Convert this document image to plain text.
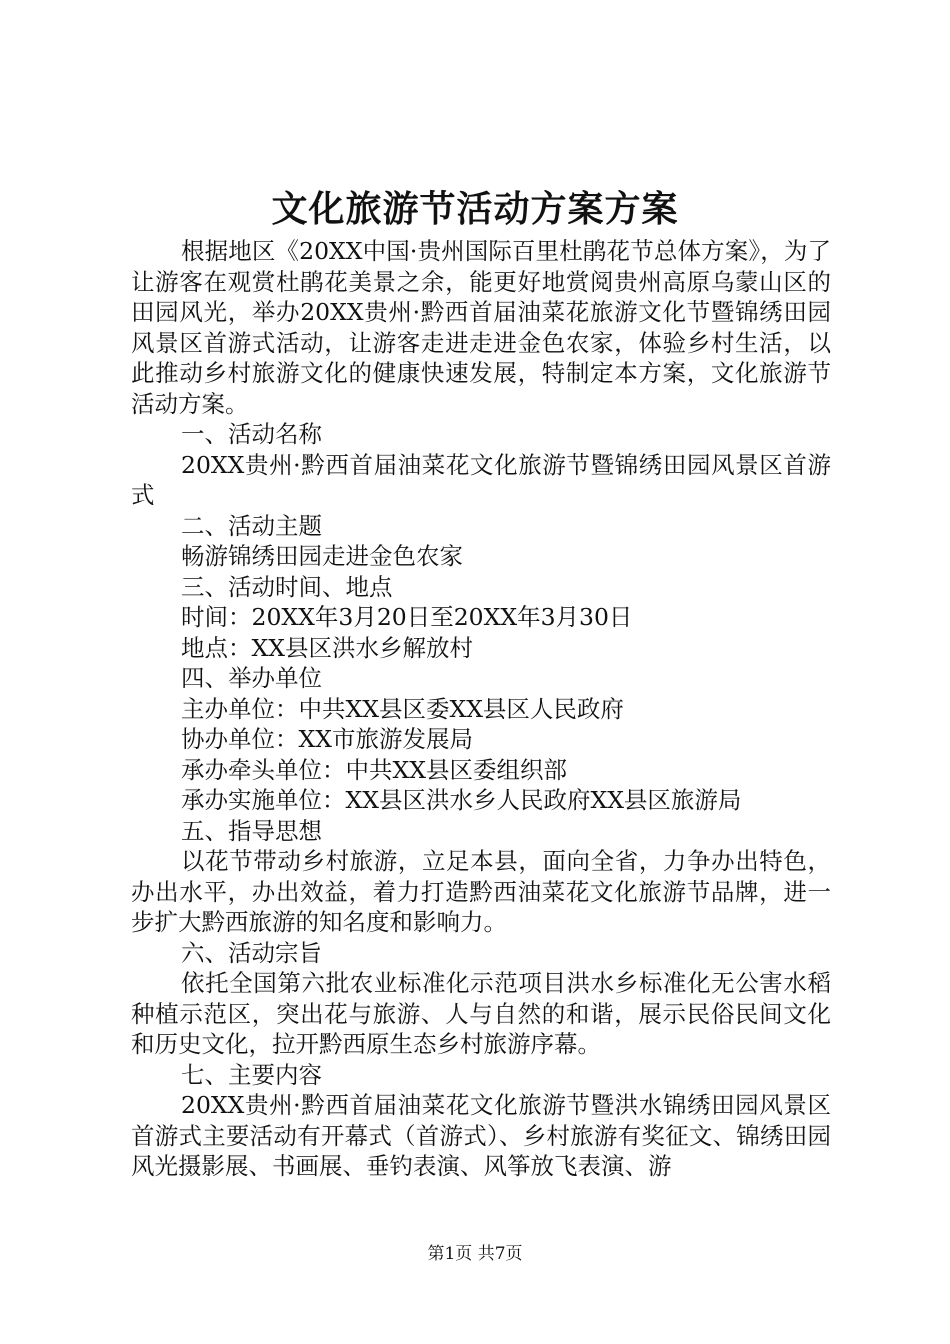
文化旅游节活动方案方案

根据地区《20XX中国·贵州国际百里杜鹃花节总体方案》，为了让游客在观赏杜鹃花美景之余，能更好地赏阅贵州高原乌蒙山区的田园风光，举办20XX贵州·黔西首届油菜花旅游文化节暨锦绣田园风景区首游式活动，让游客走进走进金色农家，体验乡村生活，以此推动乡村旅游文化的健康快速发展，特制定本方案，文化旅游节活动方案。

一、活动名称

20XX贵州·黔西首届油菜花文化旅游节暨锦绣田园风景区首游式

二、活动主题

畅游锦绣田园走进金色农家

三、活动时间、地点

时间：20XX年3月20日至20XX年3月30日

地点：XX县区洪水乡解放村

四、举办单位

主办单位：中共XX县区委XX县区人民政府

协办单位：XX市旅游发展局

承办牵头单位：中共XX县区委组织部

承办实施单位：XX县区洪水乡人民政府XX县区旅游局

五、指导思想

以花节带动乡村旅游，立足本县，面向全省，力争办出特色，办出水平，办出效益，着力打造黔西油菜花文化旅游节品牌，进一步扩大黔西旅游的知名度和影响力。

六、活动宗旨

依托全国第六批农业标准化示范项目洪水乡标准化无公害水稻种植示范区，突出花与旅游、人与自然的和谐，展示民俗民间文化和历史文化，拉开黔西原生态乡村旅游序幕。

七、主要内容

20XX贵州·黔西首届油菜花文化旅游节暨洪水锦绣田园风景区首游式主要活动有开幕式（首游式）、乡村旅游有奖征文、锦绣田园风光摄影展、书画展、垂钓表演、风筝放飞表演、游

第1页 共7页
